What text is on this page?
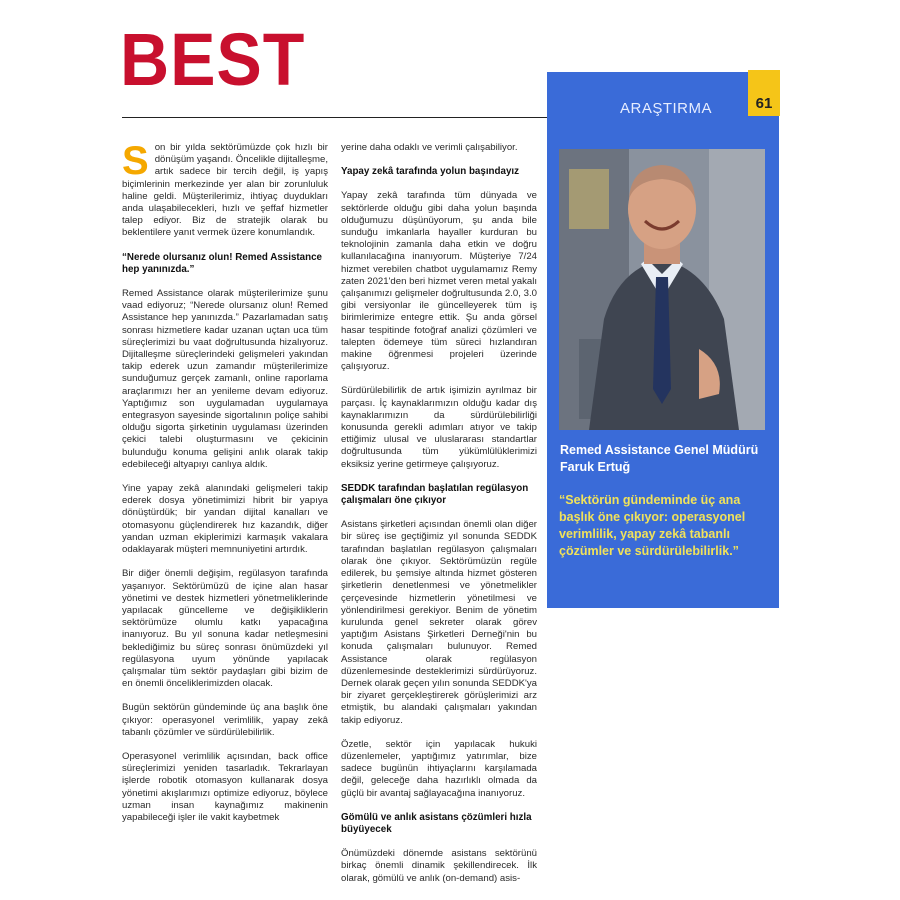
BEST
ARAŞTIRMA	61
Remed Assistance Genel Müdürü Faruk Ertuğ
“Sektörün gündeminde üç ana başlık öne çıkıyor: operasyonel verimlilik, yapay zekâ tabanlı çözümler ve sürdürülebilirlik.”

Son bir yılda sektörümüzde çok hızlı bir dönüşüm yaşandı. Öncelikle dijitalleşme, artık sadece bir tercih değil, iş yapış biçimlerinin merkezinde yer alan bir zorunluluk haline geldi. Müşterilerimiz, ihtiyaç duydukları anda ulaşabilecekleri, hızlı ve şeffaf hizmetler talep ediyor. Biz de stratejik olarak bu beklentilere yanıt vermek üzere konumlandık.

“Nerede olursanız olun! Remed Assistance hep yanınızda.”

Remed Assistance olarak müşterilerimize şunu vaad ediyoruz; “Nerede olursanız olun! Remed Assistance hep yanınızda.” Pazarlamadan satış sonrası hizmetlere kadar uzanan uçtan uca tüm süreçlerimizi bu vaat doğrultusunda hizalıyoruz. Dijitalleşme süreçlerindeki gelişmeleri yakından takip ederek uzun zamandır müşterilerimize sunduğumuz gerçek zamanlı, online raporlama araçlarımızı her an yenileme devam ediyoruz. Yaptığımız son uygulamadan uygulamaya entegrasyon sayesinde sigortalının poliçe sahibi olduğu sigorta şirketinin uygulaması üzerinden çekici talebi oluşturmasını ve çekicinin bulunduğu konuma gelişini anlık olarak takip edebileceği altyapıyı canlıya aldık.

Yine yapay zekâ alanındaki gelişmeleri takip ederek dosya yönetimimizi hibrit bir yapıya dönüştürdük; bir yandan dijital kanalları ve otomasyonu güçlendirerek hız kazandık, diğer yandan uzman ekiplerimizi karmaşık vakalara odaklayarak müşteri memnuniyetini artırdık.

Bir diğer önemli değişim, regülasyon tarafında yaşanıyor. Sektörümüzü de içine alan hasar yönetimi ve destek hizmetleri yönetmeliklerinde yapılacak güncelleme ve değişikliklerin sektörümüze olumlu katkı yapacağına inanıyoruz. Bu yıl sonuna kadar netleşmesini beklediğimiz bu süreç sonrası önümüzdeki yıl regülasyona uyum yönünde yapılacak çalışmalar tüm sektör paydaşları gibi bizim de en önemli önceliklerimizden olacak.

Bugün sektörün gündeminde üç ana başlık öne çıkıyor: operasyonel verimlilik, yapay zekâ tabanlı çözümler ve sürdürülebilirlik.

Operasyonel verimlilik açısından, back office süreçlerimizi yeniden tasarladık. Tekrarlayan işlerde robotik otomasyon kullanarak dosya yönetimi akışlarımızı optimize ediyoruz, böylece uzman insan kaynağımız makinenin yapabileceği işler ile vakit kaybetmek

yerine daha odaklı ve verimli çalışabiliyor.

Yapay zekâ tarafında yolun başındayız

Yapay zekâ tarafında tüm dünyada ve sektörlerde olduğu gibi daha yolun başında olduğumuzu düşünüyorum, şu anda bile sunduğu imkanlarla hayaller kurduran bu teknolojinin zamanla daha etkin ve doğru kullanılacağına inanıyorum. Müşteriye 7/24 hizmet verebilen chatbot uygulamamız Remy zaten 2021'den beri hizmet veren metal yakalı çalışanımızı gelişmeler doğrultusunda 2.0, 3.0 gibi versiyonlar ile güncelleyerek tüm iş birimlerimize entegre ettik. Şu anda görsel hasar tespitinde fotoğraf analizi çözümleri ve talepten ödemeye tüm süreci hızlandıran makine öğrenmesi projeleri üzerinde çalışıyoruz.

Sürdürülebilirlik de artık işimizin ayrılmaz bir parçası. İç kaynaklarımızın olduğu kadar dış kaynaklarımızın da sürdürülebilirliği konusunda gerekli adımları atıyor ve takip ettiğimiz ulusal ve uluslararası standartlar doğrultusunda tüm yükümlülüklerimizi eksiksiz yerine getirmeye çalışıyoruz.

SEDDK tarafından başlatılan regülasyon çalışmaları öne çıkıyor

Asistans şirketleri açısından önemli olan diğer bir süreç ise geçtiğimiz yıl sonunda SEDDK tarafından başlatılan regülasyon çalışmaları olarak öne çıkıyor. Sektörümüzün regüle edilerek, bu şemsiye altında hizmet gösteren şirketlerin denetlenmesi ve yönetmelikler çerçevesinde hizmetlerin yönetilmesi ve yönlendirilmesi gerekiyor. Benim de yönetim kurulunda genel sekreter olarak görev yaptığım Asistans Şirketleri Derneği'nin bu konuda çalışmaları bulunuyor. Remed Assistance olarak regülasyon düzenlemesinde desteklerimizi sürdürüyoruz. Dernek olarak geçen yılın sonunda SEDDK'ya bir ziyaret gerçekleştirerek görüşlerimizi arz etmiştik, bu alandaki çalışmaları yakından takip ediyoruz.

Özetle, sektör için yapılacak hukuki düzenlemeler, yaptığımız yatırımlar, bize sadece bugünün ihtiyaçlarını karşılamada değil, geleceğe daha hazırlıklı olmada da güçlü bir avantaj sağlayacağına inanıyoruz.

Gömülü ve anlık asistans çözümleri hızla büyüyecek

Önümüzdeki dönemde asistans sektörünü birkaç önemli dinamik şekillendirecek. İlk olarak, gömülü ve anlık (on-demand) asis-
